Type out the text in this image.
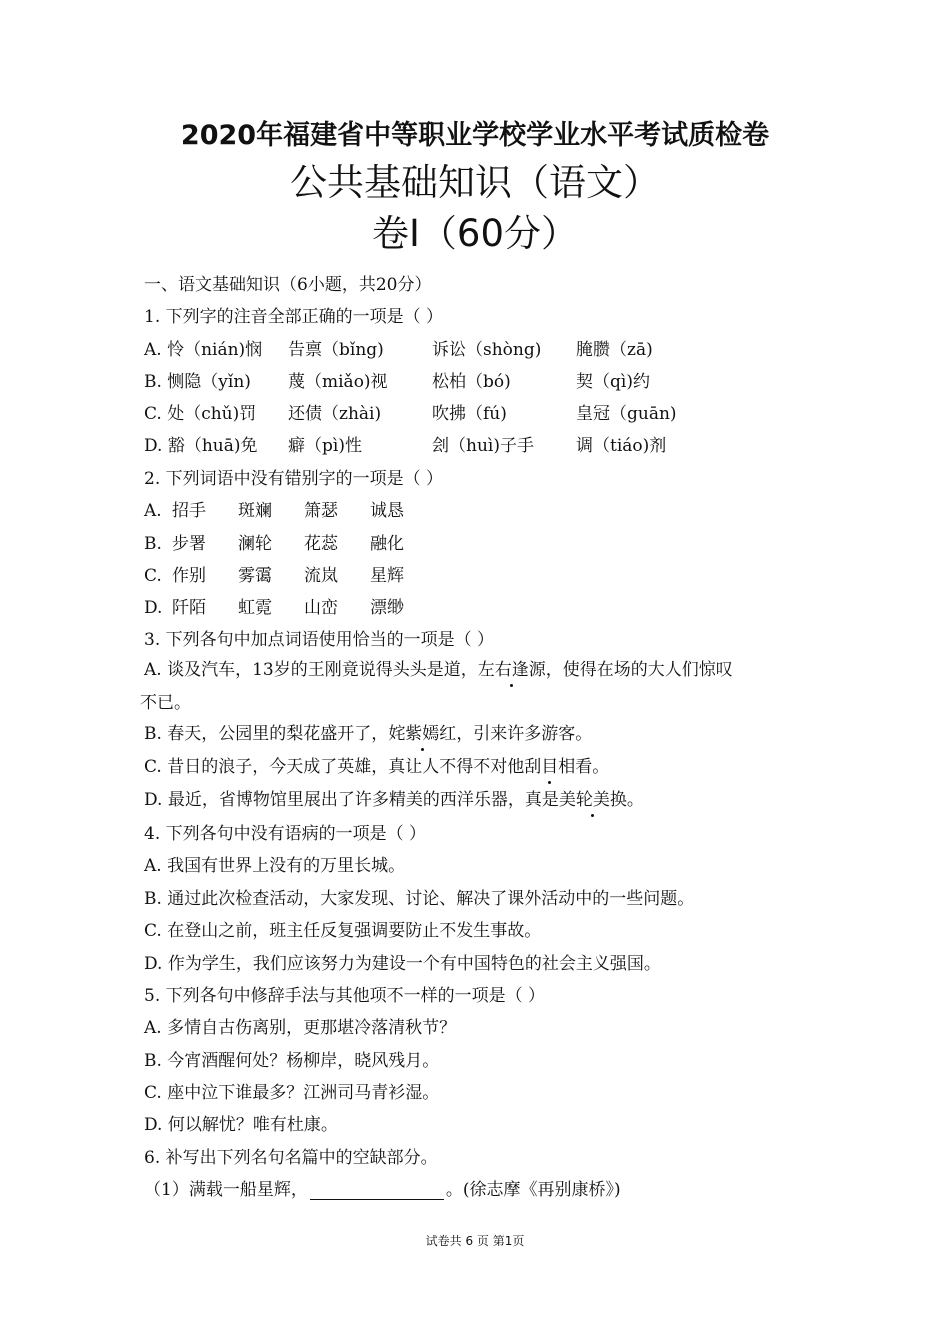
2020年福建省中等职业学校学业水平考试质检卷
公共基础知识（语文）
卷Ⅰ（60分）
一、语文基础知识（6小题，共20分）
1. 下列字的注音全部正确的一项是（ ）
A. 怜（nián)悯	告禀（bǐng)	诉讼（shòng)	腌臜（zā)
B. 恻隐（yǐn)	蔑（miǎo)视	松柏（bó)	契（qì)约
C. 处（chǔ)罚	还债（zhài)	吹拂（fú)	皇冠（guān)
D. 豁（huā)免	癖（pì)性	刽（huì)子手	调（tiáo)剂
2. 下列词语中没有错别字的一项是（ ）
A. 招手 斑斓 箫瑟 诚恳
B. 步署 澜轮 花蕊 融化
C. 作别 雾霭 流岚 星辉
D. 阡陌 虹霓 山峦 漂缈
3. 下列各句中加点词语使用恰当的一项是（ ）
A. 谈及汽车，13岁的王刚竟说得头头是道，左右逢源，使得在场的大人们惊叹
不已。
B. 春天，公园里的梨花盛开了，姹紫嫣红，引来许多游客。
C. 昔日的浪子，今天成了英雄，真让人不得不对他刮目相看。
D. 最近，省博物馆里展出了许多精美的西洋乐器，真是美轮美换。
4. 下列各句中没有语病的一项是（ ）
A. 我国有世界上没有的万里长城。
B. 通过此次检查活动，大家发现、讨论、解决了课外活动中的一些问题。
C. 在登山之前，班主任反复强调要防止不发生事故。
D. 作为学生，我们应该努力为建设一个有中国特色的社会主义强国。
5. 下列各句中修辞手法与其他项不一样的一项是（ ）
A. 多情自古伤离别，更那堪冷落清秋节？
B. 今宵酒醒何处？杨柳岸，晓风残月。
C. 座中泣下谁最多？江洲司马青衫湿。
D. 何以解忧？唯有杜康。
6. 补写出下列名句名篇中的空缺部分。
（1）满载一船星辉，	。(徐志摩《再别康桥》)
试卷共 6 页 第1页
